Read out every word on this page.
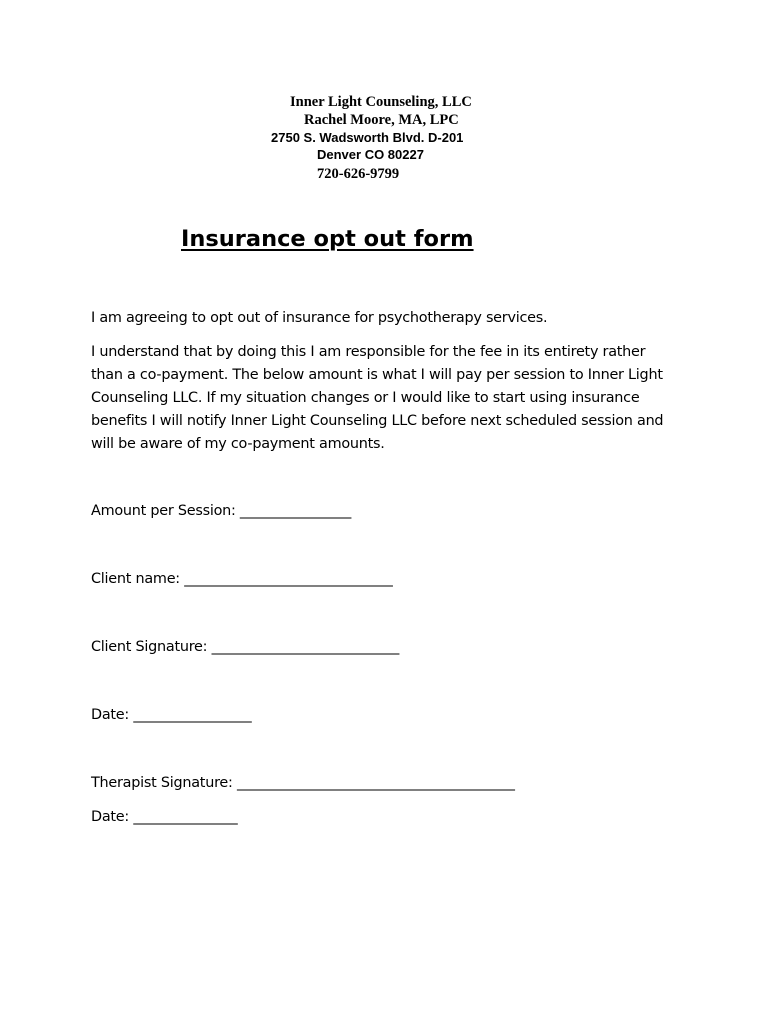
Inner Light Counseling, LLC

Rachel Moore, MA, LPC

2750 S. Wadsworth Blvd. D-201

Denver CO 80227

720-626-9799

Insurance opt out form

I am agreeing to opt out of insurance for psychotherapy services.

I understand that by doing this I am responsible for the fee in its entirety rather
than a co-payment. The below amount is what I will pay per session to Inner Light
Counseling LLC. If my situation changes or I would like to start using insurance
benefits I will notify Inner Light Counseling LLC before next scheduled session and
will be aware of my co-payment amounts.

Amount per Session: ________________

Client name: ______________________________

Client Signature: ___________________________

Date: _________________

Therapist Signature: ________________________________________

Date: _______________
